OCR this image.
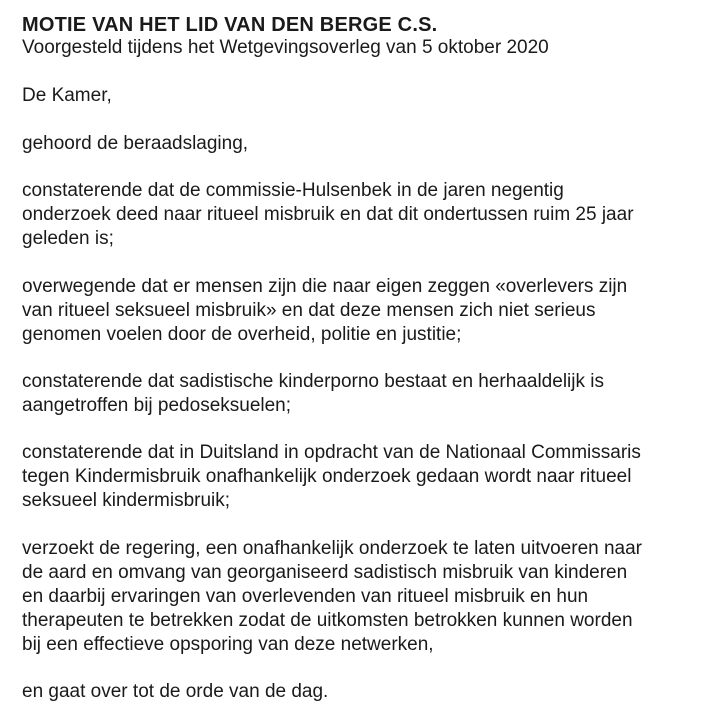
MOTIE VAN HET LID VAN DEN BERGE C.S.

Voorgesteld tijdens het Wetgevingsoverleg van 5 oktober 2020

De Kamer,
gehoord de beraadslaging,
constaterende dat de commissie-Hulsenbek in de jaren negentig
onderzoek deed naar ritueel misbruik en dat dit ondertussen ruim 25 jaar
geleden is;
overwegende dat er mensen zijn die naar eigen zeggen «overlevers zijn
van ritueel seksueel misbruik» en dat deze mensen zich niet serieus
genomen voelen door de overheid, politie en justitie;
constaterende dat sadistische kinderporno bestaat en herhaaldelijk is
aangetroffen bij pedoseksuelen;
constaterende dat in Duitsland in opdracht van de Nationaal Commissaris
tegen Kindermisbruik onafhankelijk onderzoek gedaan wordt naar ritueel
seksueel kindermisbruik;
verzoekt de regering, een onafhankelijk onderzoek te laten uitvoeren naar
de aard en omvang van georganiseerd sadistisch misbruik van kinderen
en daarbij ervaringen van overlevenden van ritueel misbruik en hun
therapeuten te betrekken zodat de uitkomsten betrokken kunnen worden
bij een effectieve opsporing van deze netwerken,
en gaat over tot de orde van de dag.
